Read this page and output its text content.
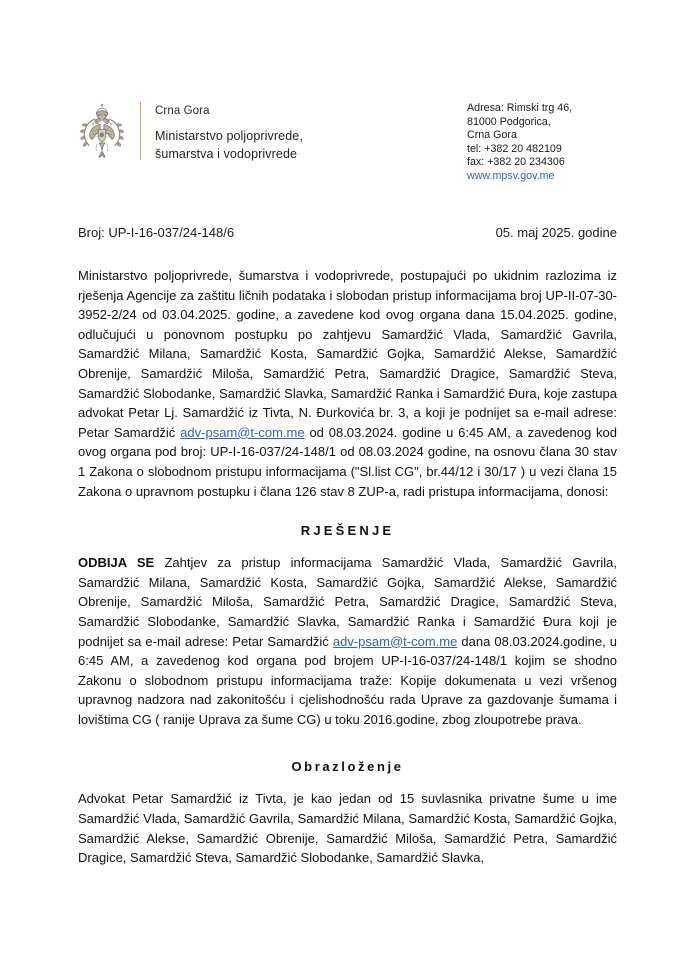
Crna Gora
Ministarstvo poljoprivrede,
šumarstva i vodoprivrede
Adresa: Rimski trg 46,
81000 Podgorica,
Crna Gora
tel: +382 20 482109
fax: +382 20 234306
www.mpsv.gov.me
Broj: UP-I-16-037/24-148/6	05. maj 2025. godine

Ministarstvo poljoprivrede, šumarstva i vodoprivrede, postupajući po ukidnim razlozima iz rješenja Agencije za zaštitu ličnih podataka i slobodan pristup informacijama broj UP-II-07-30-3952-2/24 od 03.04.2025. godine, a zavedene kod ovog organa dana 15.04.2025. godine, odlučujući u ponovnom postupku po zahtjevu Samardžić Vlada, Samardžić Gavrila, Samardžić Milana, Samardžić Kosta, Samardžić Gojka, Samardžić Alekse, Samardžić Obrenije, Samardžić Miloša, Samardžić Petra, Samardžić Dragice, Samardžić Steva, Samardžić Slobodanke, Samardžić Slavka, Samardžić Ranka i Samardžić Đura, koje zastupa advokat Petar Lj. Samardžić iz Tivta, N. Đurkovića br. 3, a koji je podnijet sa e-mail adrese: Petar Samardžić adv-psam@t-com.me od 08.03.2024. godine u 6:45 AM, a zavedenog kod ovog organa pod broj: UP-I-16-037/24-148/1 od 08.03.2024 godine, na osnovu člana 30 stav 1 Zakona o slobodnom pristupu informacijama ("Sl.list CG", br.44/12 i 30/17 ) u vezi člana 15 Zakona o upravnom postupku i člana 126 stav 8 ZUP-a, radi pristupa informacijama, donosi:

RJEŠENJE

ODBIJA SE Zahtjev za pristup informacijama Samardžić Vlada, Samardžić Gavrila, Samardžić Milana, Samardžić Kosta, Samardžić Gojka, Samardžić Alekse, Samardžić Obrenije, Samardžić Miloša, Samardžić Petra, Samardžić Dragice, Samardžić Steva, Samardžić Slobodanke, Samardžić Slavka, Samardžić Ranka i Samardžić Đura koji je podnijet sa e-mail adrese: Petar Samardžić adv-psam@t-com.me dana 08.03.2024.godine, u 6:45 AM, a zavedenog kod organa pod brojem UP-I-16-037/24-148/1 kojim se shodno Zakonu o slobodnom pristupu informacijama traže: Kopije dokumenata u vezi vršenog upravnog nadzora nad zakonitošću i cjelishodnošću rada Uprave za gazdovanje šumama i lovištima CG ( ranije Uprava za šume CG) u toku 2016.godine, zbog zloupotrebe prava.

Obrazloženje

Advokat Petar Samardžić iz Tivta, je kao jedan od 15 suvlasnika privatne šume u ime Samardžić Vlada, Samardžić Gavrila, Samardžić Milana, Samardžić Kosta, Samardžić Gojka, Samardžić Alekse, Samardžić Obrenije, Samardžić Miloša, Samardžić Petra, Samardžić Dragice, Samardžić Steva, Samardžić Slobodanke, Samardžić Slavka,
